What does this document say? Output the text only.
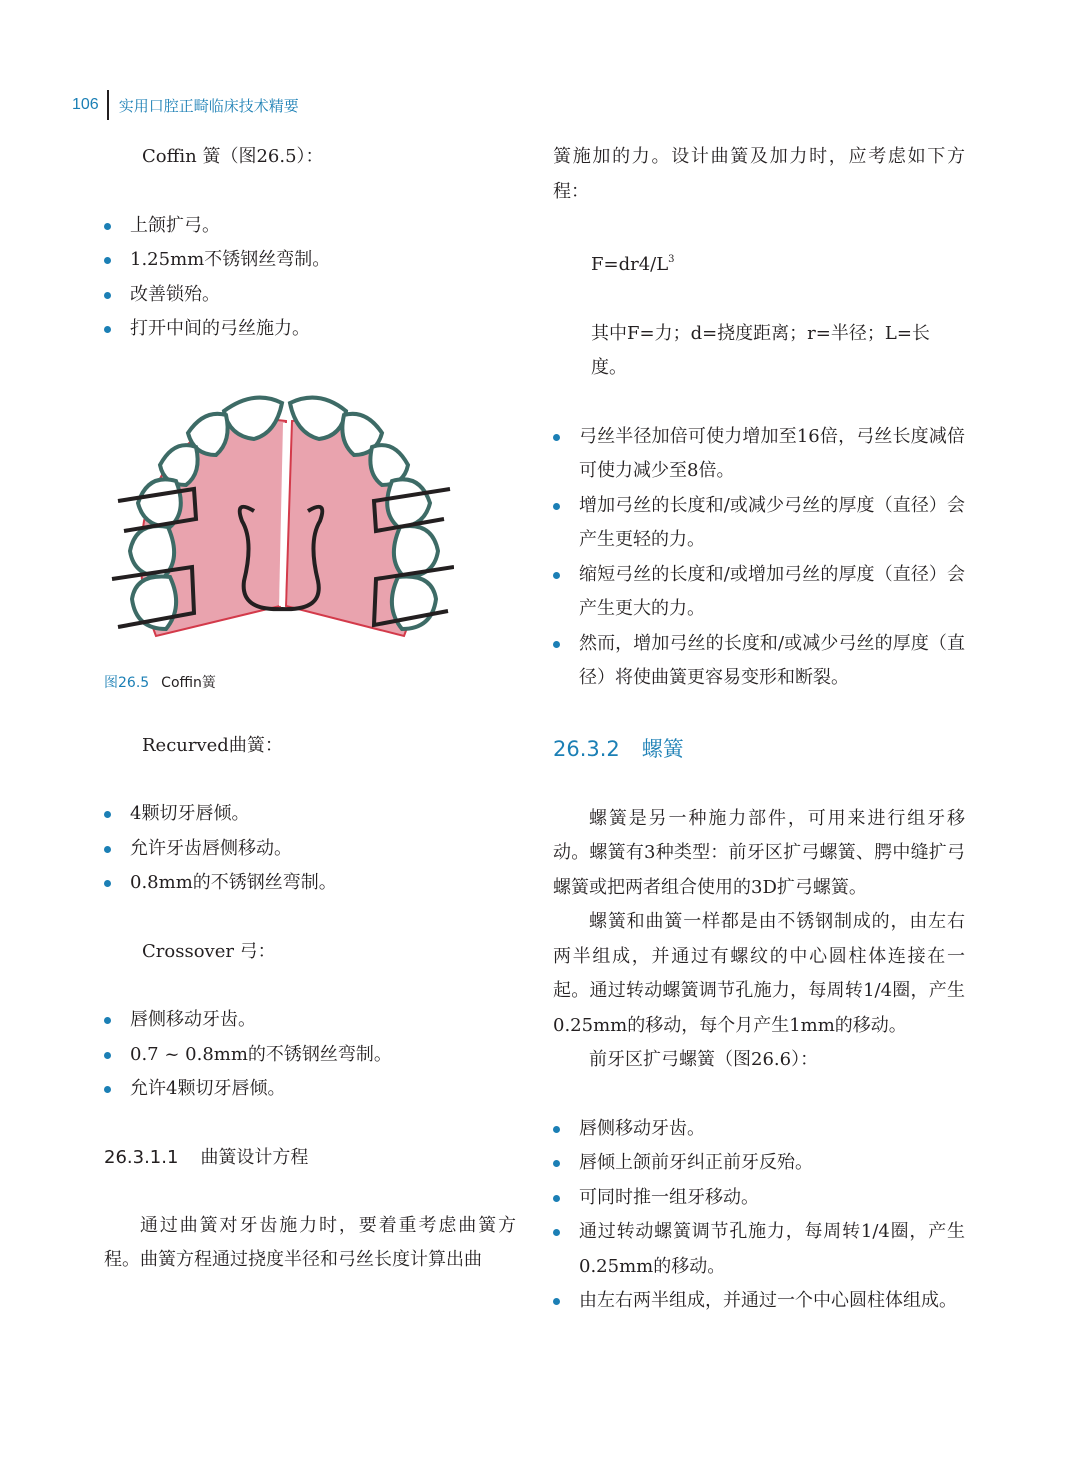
106	实用口腔正畸临床技术精要

Coffin 簧（图26.5）：

上颌扩弓。
1.25mm不锈钢丝弯制。
改善锁殆。
打开中间的弓丝施力。
图26.5 Coffin簧

Recurved曲簧：

4颗切牙唇倾。
允许牙齿唇侧移动。
0.8mm的不锈钢丝弯制。

Crossover 弓：

唇侧移动牙齿。
0.7 ~ 0.8mm的不锈钢丝弯制。
允许4颗切牙唇倾。

26.3.1.1 曲簧设计方程

通过曲簧对牙齿施力时，要着重考虑曲簧方程。曲簧方程通过挠度半径和弓丝长度计算出曲

簧施加的力。设计曲簧及加力时，应考虑如下方程：

$F=dr4/L^3$

其中F=力；d=挠度距离；r=半径；L=长度。

弓丝半径加倍可使力增加至16倍，弓丝长度减倍可使力减少至8倍。
增加弓丝的长度和/或减少弓丝的厚度（直径）会产生更轻的力。
缩短弓丝的长度和/或增加弓丝的厚度（直径）会产生更大的力。
然而，增加弓丝的长度和/或减少弓丝的厚度（直径）将使曲簧更容易变形和断裂。

26.3.2 螺簧

螺簧是另一种施力部件，可用来进行组牙移动。螺簧有3种类型：前牙区扩弓螺簧、腭中缝扩弓螺簧或把两者组合使用的3D扩弓螺簧。

螺簧和曲簧一样都是由不锈钢制成的，由左右两半组成，并通过有螺纹的中心圆柱体连接在一起。通过转动螺簧调节孔施力，每周转1/4圈，产生0.25mm的移动，每个月产生1mm的移动。

前牙区扩弓螺簧（图26.6）：

唇侧移动牙齿。
唇倾上颌前牙纠正前牙反殆。
可同时推一组牙移动。
通过转动螺簧调节孔施力，每周转1/4圈，产生0.25mm的移动。
由左右两半组成，并通过一个中心圆柱体组成。
